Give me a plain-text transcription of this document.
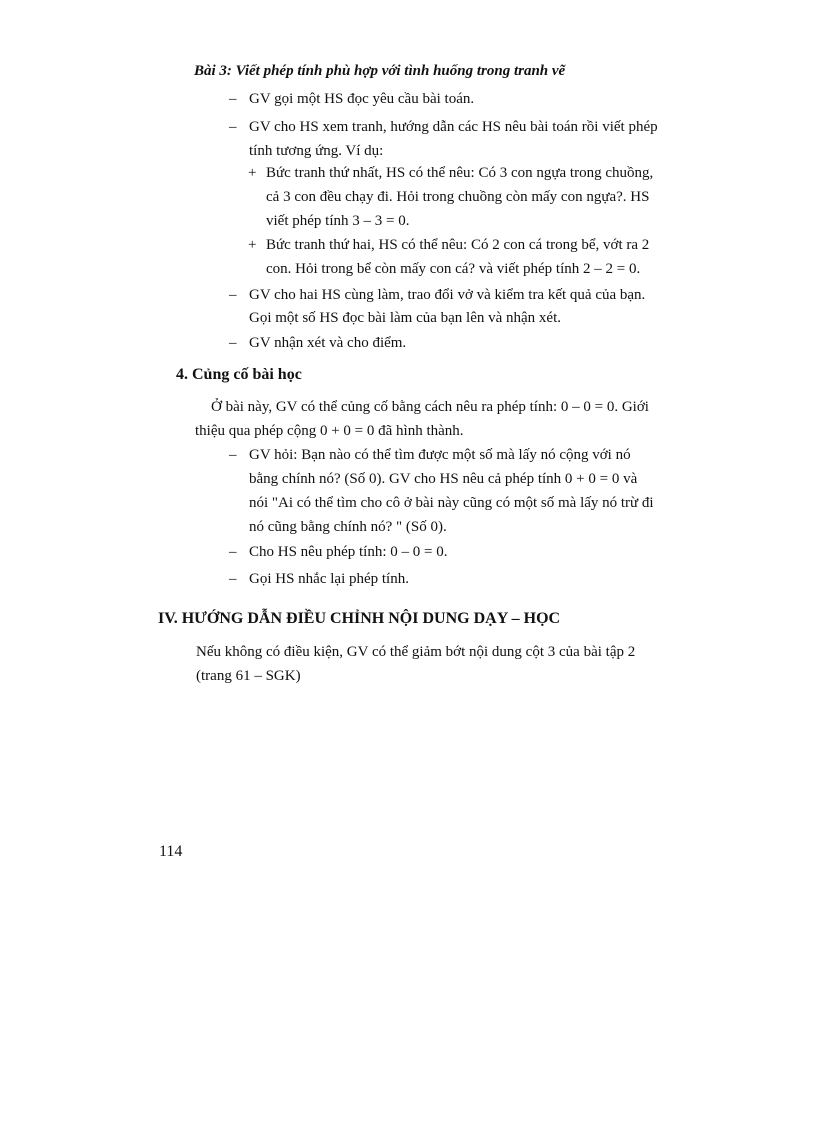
Bài 3: Viết phép tính phù hợp với tình huống trong tranh vẽ
– GV gọi một HS đọc yêu cầu bài toán.
– GV cho HS xem tranh, hướng dẫn các HS nêu bài toán rồi viết phép
tính tương ứng. Ví dụ:
+ Bức tranh thứ nhất, HS có thể nêu: Có 3 con ngựa trong chuồng,
cả 3 con đều chạy đi. Hỏi trong chuồng còn mấy con ngựa?. HS
viết phép tính 3 – 3 = 0.
+ Bức tranh thứ hai, HS có thể nêu: Có 2 con cá trong bể, vớt ra 2
con. Hỏi trong bể còn mấy con cá? và viết phép tính 2 – 2 = 0.
– GV cho hai HS cùng làm, trao đổi vở và kiểm tra kết quả của bạn.
Gọi một số HS đọc bài làm của bạn lên và nhận xét.
– GV nhận xét và cho điểm.
4. Củng cố bài học
Ở bài này, GV có thể củng cố bằng cách nêu ra phép tính: 0 – 0 = 0. Giới
thiệu qua phép cộng 0 + 0 = 0 đã hình thành.
– GV hỏi: Bạn nào có thể tìm được một số mà lấy nó cộng với nó
bằng chính nó? (Số 0). GV cho HS nêu cả phép tính 0 + 0 = 0 và
nói "Ai có thể tìm cho cô ở bài này cũng có một số mà lấy nó trừ đi
nó cũng bằng chính nó? " (Số 0).
– Cho HS nêu phép tính: 0 – 0 = 0.
– Gọi HS nhắc lại phép tính.
IV. HƯỚNG DẪN ĐIỀU CHỈNH NỘI DUNG DẠY – HỌC
Nếu không có điều kiện, GV có thể giảm bớt nội dung cột 3 của bài tập 2
(trang 61 – SGK)
114
